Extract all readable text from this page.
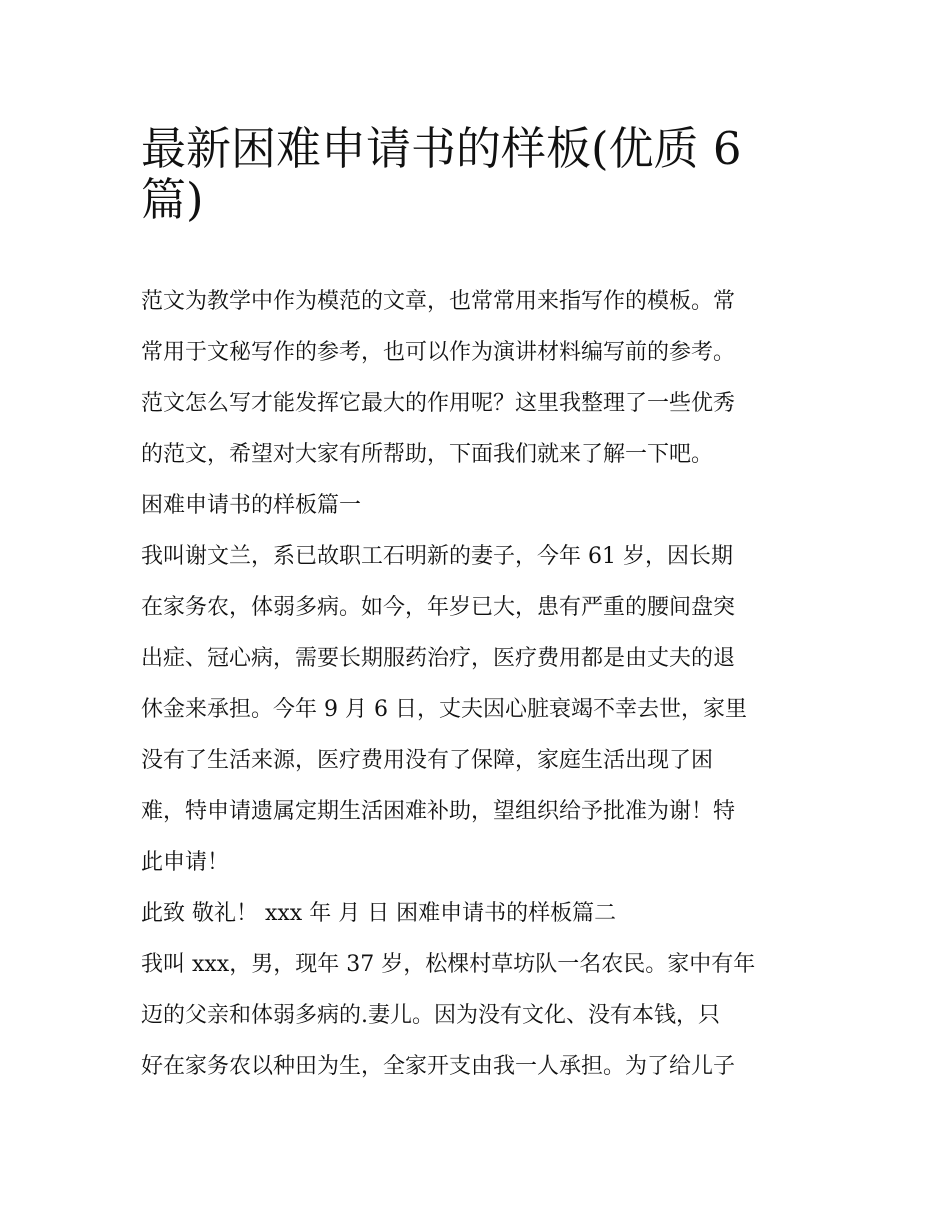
最新困难申请书的样板(优质 6
篇)

范文为教学中作为模范的文章，也常常用来指写作的模板。常
常用于文秘写作的参考，也可以作为演讲材料编写前的参考。
范文怎么写才能发挥它最大的作用呢？这里我整理了一些优秀
的范文，希望对大家有所帮助，下面我们就来了解一下吧。

困难申请书的样板篇一

我叫谢文兰，系已故职工石明新的妻子，今年 61 岁，因长期
在家务农，体弱多病。如今，年岁已大，患有严重的腰间盘突
出症、冠心病，需要长期服药治疗，医疗费用都是由丈夫的退
休金来承担。今年 9 月 6 日，丈夫因心脏衰竭不幸去世，家里
没有了生活来源，医疗费用没有了保障，家庭生活出现了困
难，特申请遗属定期生活困难补助，望组织给予批准为谢！特
此申请！

此致 敬礼！ xxx 年 月 日 困难申请书的样板篇二

我叫 xxx，男，现年 37 岁，松棵村草坊队一名农民。家中有年
迈的父亲和体弱多病的.妻儿。因为没有文化、没有本钱，只
好在家务农以种田为生，全家开支由我一人承担。为了给儿子
